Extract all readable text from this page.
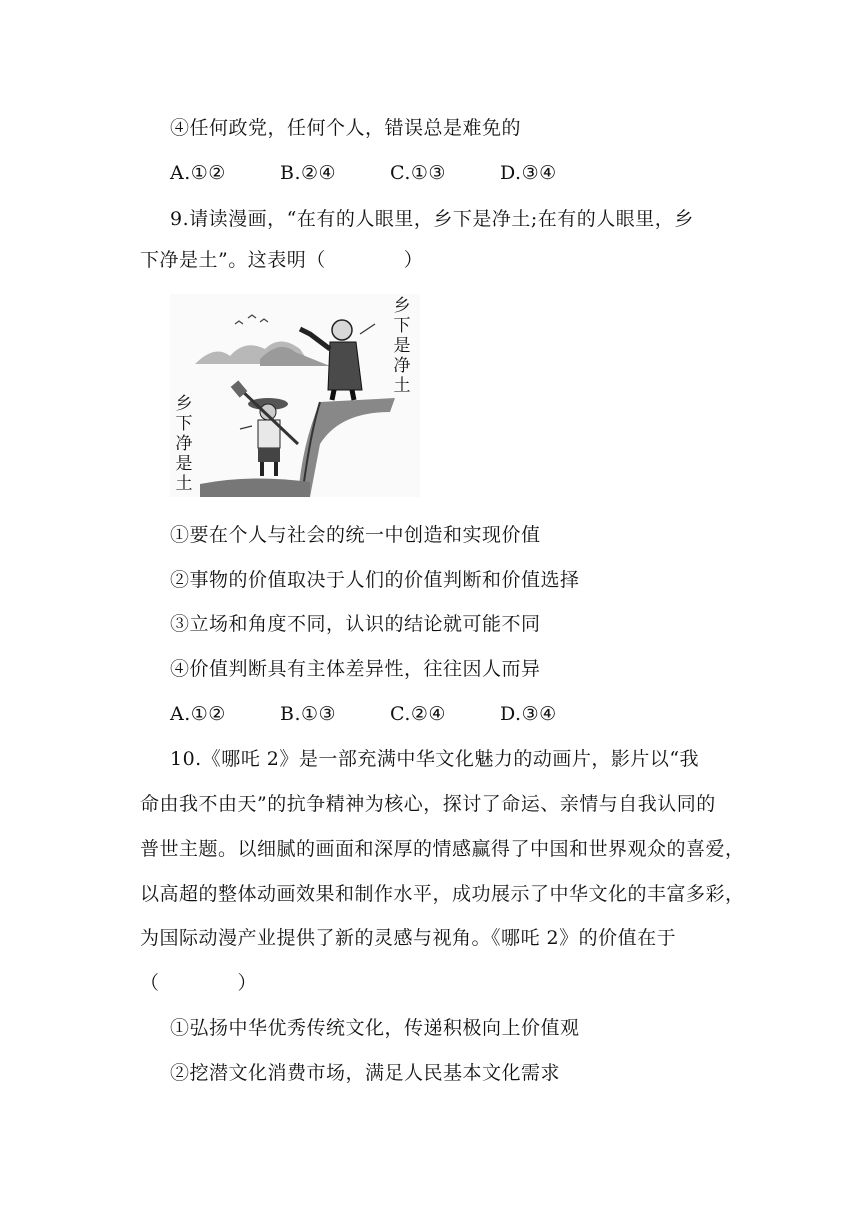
④任何政党，任何个人，错误总是难免的
A.①②	B.②④	C.①③	D.③④
9.请读漫画，“在有的人眼里，乡下是净土;在有的人眼里，乡
下净是土”。这表明（　　　　）
乡
下
是
净
土
乡
下
净
是
土
①要在个人与社会的统一中创造和实现价值
②事物的价值取决于人们的价值判断和价值选择
③立场和角度不同，认识的结论就可能不同
④价值判断具有主体差异性，往往因人而异
A.①②	B.①③	C.②④	D.③④
10.《哪吒 2》是一部充满中华文化魅力的动画片，影片以“我
命由我不由天”的抗争精神为核心，探讨了命运、亲情与自我认同的
普世主题。以细腻的画面和深厚的情感赢得了中国和世界观众的喜爱，
以高超的整体动画效果和制作水平，成功展示了中华文化的丰富多彩，
为国际动漫产业提供了新的灵感与视角。《哪吒 2》的价值在于
（　　　　）
①弘扬中华优秀传统文化，传递积极向上价值观
②挖潜文化消费市场，满足人民基本文化需求
